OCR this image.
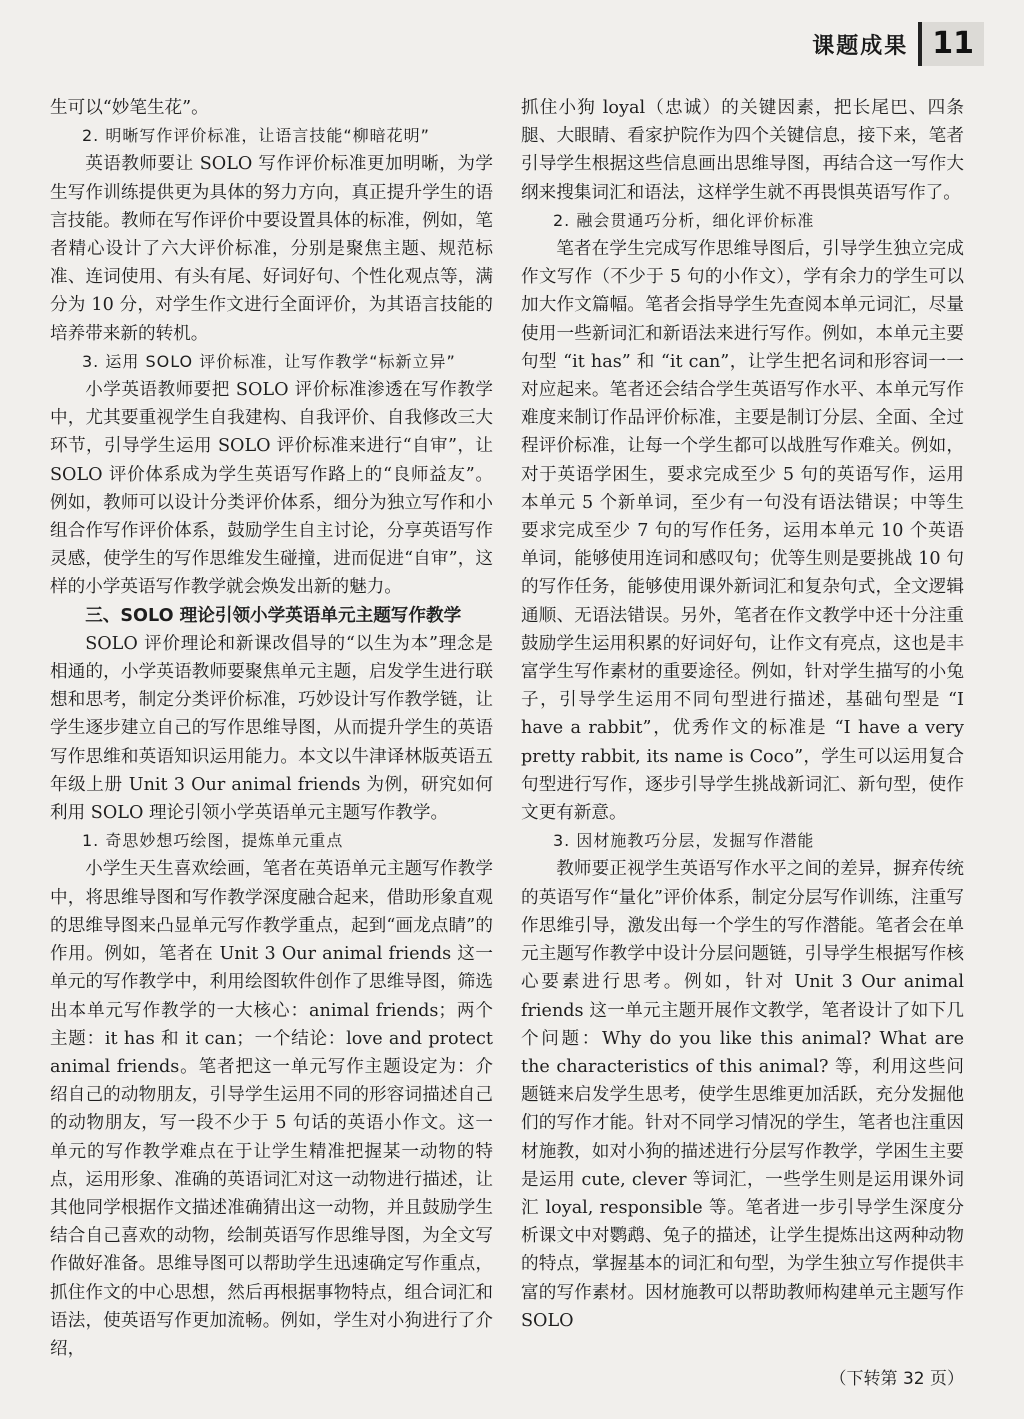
课题成果 11

生可以“妙笔生花”。

2. 明晰写作评价标准，让语言技能“柳暗花明”

英语教师要让 SOLO 写作评价标准更加明晰，为学生写作训练提供更为具体的努力方向，真正提升学生的语言技能。教师在写作评价中要设置具体的标准，例如，笔者精心设计了六大评价标准，分别是聚焦主题、规范标准、连词使用、有头有尾、好词好句、个性化观点等，满分为 10 分，对学生作文进行全面评价，为其语言技能的培养带来新的转机。

3. 运用 SOLO 评价标准，让写作教学“标新立异”

小学英语教师要把 SOLO 评价标准渗透在写作教学中，尤其要重视学生自我建构、自我评价、自我修改三大环节，引导学生运用 SOLO 评价标准来进行“自审”，让 SOLO 评价体系成为学生英语写作路上的“良师益友”。例如，教师可以设计分类评价体系，细分为独立写作和小组合作写作评价体系，鼓励学生自主讨论，分享英语写作灵感，使学生的写作思维发生碰撞，进而促进“自审”，这样的小学英语写作教学就会焕发出新的魅力。

三、SOLO 理论引领小学英语单元主题写作教学

SOLO 评价理论和新课改倡导的“以生为本”理念是相通的，小学英语教师要聚焦单元主题，启发学生进行联想和思考，制定分类评价标准，巧妙设计写作教学链，让学生逐步建立自己的写作思维导图，从而提升学生的英语写作思维和英语知识运用能力。本文以牛津译林版英语五年级上册 Unit 3 Our animal friends 为例，研究如何利用 SOLO 理论引领小学英语单元主题写作教学。

1. 奇思妙想巧绘图，提炼单元重点

小学生天生喜欢绘画，笔者在英语单元主题写作教学中，将思维导图和写作教学深度融合起来，借助形象直观的思维导图来凸显单元写作教学重点，起到“画龙点睛”的作用。例如，笔者在 Unit 3 Our animal friends 这一单元的写作教学中，利用绘图软件创作了思维导图，筛选出本单元写作教学的一大核心：animal friends；两个主题：it has 和 it can；一个结论：love and protect animal friends。笔者把这一单元写作主题设定为：介绍自己的动物朋友，引导学生运用不同的形容词描述自己的动物朋友，写一段不少于 5 句话的英语小作文。这一单元的写作教学难点在于让学生精准把握某一动物的特点，运用形象、准确的英语词汇对这一动物进行描述，让其他同学根据作文描述准确猜出这一动物，并且鼓励学生结合自己喜欢的动物，绘制英语写作思维导图，为全文写作做好准备。思维导图可以帮助学生迅速确定写作重点，抓住作文的中心思想，然后再根据事物特点，组合词汇和语法，使英语写作更加流畅。例如，学生对小狗进行了介绍，

抓住小狗 loyal（忠诚）的关键因素，把长尾巴、四条腿、大眼睛、看家护院作为四个关键信息，接下来，笔者引导学生根据这些信息画出思维导图，再结合这一写作大纲来搜集词汇和语法，这样学生就不再畏惧英语写作了。

2. 融会贯通巧分析，细化评价标准

笔者在学生完成写作思维导图后，引导学生独立完成作文写作（不少于 5 句的小作文），学有余力的学生可以加大作文篇幅。笔者会指导学生先查阅本单元词汇，尽量使用一些新词汇和新语法来进行写作。例如，本单元主要句型 “it has” 和 “it can”，让学生把名词和形容词一一对应起来。笔者还会结合学生英语写作水平、本单元写作难度来制订作品评价标准，主要是制订分层、全面、全过程评价标准，让每一个学生都可以战胜写作难关。例如，对于英语学困生，要求完成至少 5 句的英语写作，运用本单元 5 个新单词，至少有一句没有语法错误；中等生要求完成至少 7 句的写作任务，运用本单元 10 个英语单词，能够使用连词和感叹句；优等生则是要挑战 10 句的写作任务，能够使用课外新词汇和复杂句式，全文逻辑通顺、无语法错误。另外，笔者在作文教学中还十分注重鼓励学生运用积累的好词好句，让作文有亮点，这也是丰富学生写作素材的重要途径。例如，针对学生描写的小兔子，引导学生运用不同句型进行描述，基础句型是 “I have a rabbit”，优秀作文的标准是 “I have a very pretty rabbit, its name is Coco”，学生可以运用复合句型进行写作，逐步引导学生挑战新词汇、新句型，使作文更有新意。

3. 因材施教巧分层，发掘写作潜能

教师要正视学生英语写作水平之间的差异，摒弃传统的英语写作“量化”评价体系，制定分层写作训练，注重写作思维引导，激发出每一个学生的写作潜能。笔者会在单元主题写作教学中设计分层问题链，引导学生根据写作核心要素进行思考。例如，针对 Unit 3 Our animal friends 这一单元主题开展作文教学，笔者设计了如下几个问题：Why do you like this animal? What are the characteristics of this animal? 等，利用这些问题链来启发学生思考，使学生思维更加活跃，充分发掘他们的写作才能。针对不同学习情况的学生，笔者也注重因材施教，如对小狗的描述进行分层写作教学，学困生主要是运用 cute, clever 等词汇，一些学生则是运用课外词汇 loyal, responsible 等。笔者进一步引导学生深度分析课文中对鹦鹉、兔子的描述，让学生提炼出这两种动物的特点，掌握基本的词汇和句型，为学生独立写作提供丰富的写作素材。因材施教可以帮助教师构建单元主题写作 SOLO

（下转第 32 页）
